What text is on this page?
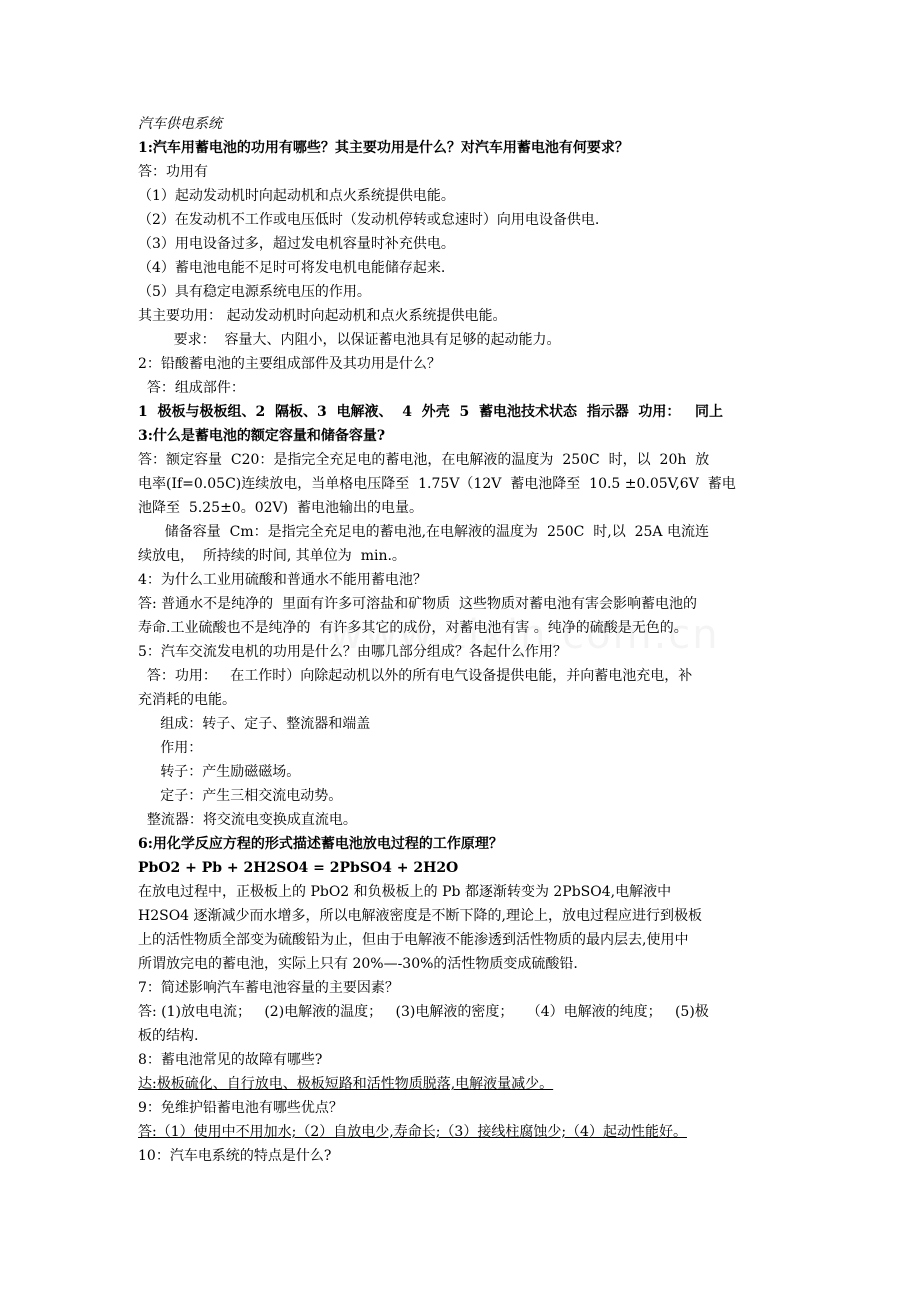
汽车供电系统
1:汽车用蓄电池的功用有哪些？其主要功用是什么？对汽车用蓄电池有何要求？
答：功用有
（1）起动发动机时向起动机和点火系统提供电能。
（2）在发动机不工作或电压低时（发动机停转或怠速时）向用电设备供电.
（3）用电设备过多，超过发电机容量时补充供电。
（4）蓄电池电能不足时可将发电机电能储存起来.
（5）具有稳定电源系统电压的作用。
其主要功用： 起动发动机时向起动机和点火系统提供电能。
要求：  容量大、内阻小，以保证蓄电池具有足够的起动能力。
2：铅酸蓄电池的主要组成部件及其功用是什么？
答：组成部件：
1  极板与极板组、2  隔板、3  电解液、  4  外壳  5  蓄电池技术状态  指示器  功用：   同上
3:什么是蓄电池的额定容量和储备容量?
答：额定容量  C20：是指完全充足电的蓄电池，在电解液的温度为  250C  时，以  20h  放
电率(If=0.05C)连续放电，当单格电压降至  1.75V（12V  蓄电池降至  10.5 ±0.05V,6V  蓄电
池降至  5.25±0。02V)  蓄电池输出的电量。
储备容量  Cm：是指完全充足电的蓄电池,在电解液的温度为  250C  时,以  25A 电流连
续放电，  所持续的时间, 其单位为  min.。
4：为什么工业用硫酸和普通水不能用蓄电池？
答: 普通水不是纯净的  里面有许多可溶盐和矿物质  这些物质对蓄电池有害会影响蓄电池的
寿命.工业硫酸也不是纯净的  有许多其它的成份，对蓄电池有害 。纯净的硫酸是无色的。
5：汽车交流发电机的功用是什么？由哪几部分组成？各起什么作用？
答：功用：   在工作时）向除起动机以外的所有电气设备提供电能，并向蓄电池充电，补
充消耗的电能。
组成：转子、定子、整流器和端盖
作用：
转子：产生励磁磁场。
定子：产生三相交流电动势。
整流器：将交流电变换成直流电。
6:用化学反应方程的形式描述蓄电池放电过程的工作原理？
PbO2 + Pb + 2H2SO4 = 2PbSO4 + 2H2O
在放电过程中，正极板上的 PbO2 和负极板上的 Pb 都逐渐转变为 2PbSO4,电解液中
H2SO4 逐渐减少而水增多，所以电解液密度是不断下降的,理论上，放电过程应进行到极板
上的活性物质全部变为硫酸铅为止，但由于电解液不能渗透到活性物质的最内层去,使用中
所谓放完电的蓄电池，实际上只有 20%—-30%的活性物质变成硫酸铅.
7：简述影响汽车蓄电池容量的主要因素？
答: (1)放电电流；   (2)电解液的温度；   (3)电解液的密度；   （4）电解液的纯度；   (5)极
板的结构.
8：蓄电池常见的故障有哪些?
达:极板硫化、自行放电、极板短路和活性物质脱落,电解液量减少。
9：免维护铅蓄电池有哪些优点？
答:（1）使用中不用加水;（2）自放电少,寿命长;（3）接线柱腐蚀少;（4）起动性能好。
10：汽车电系统的特点是什么?
